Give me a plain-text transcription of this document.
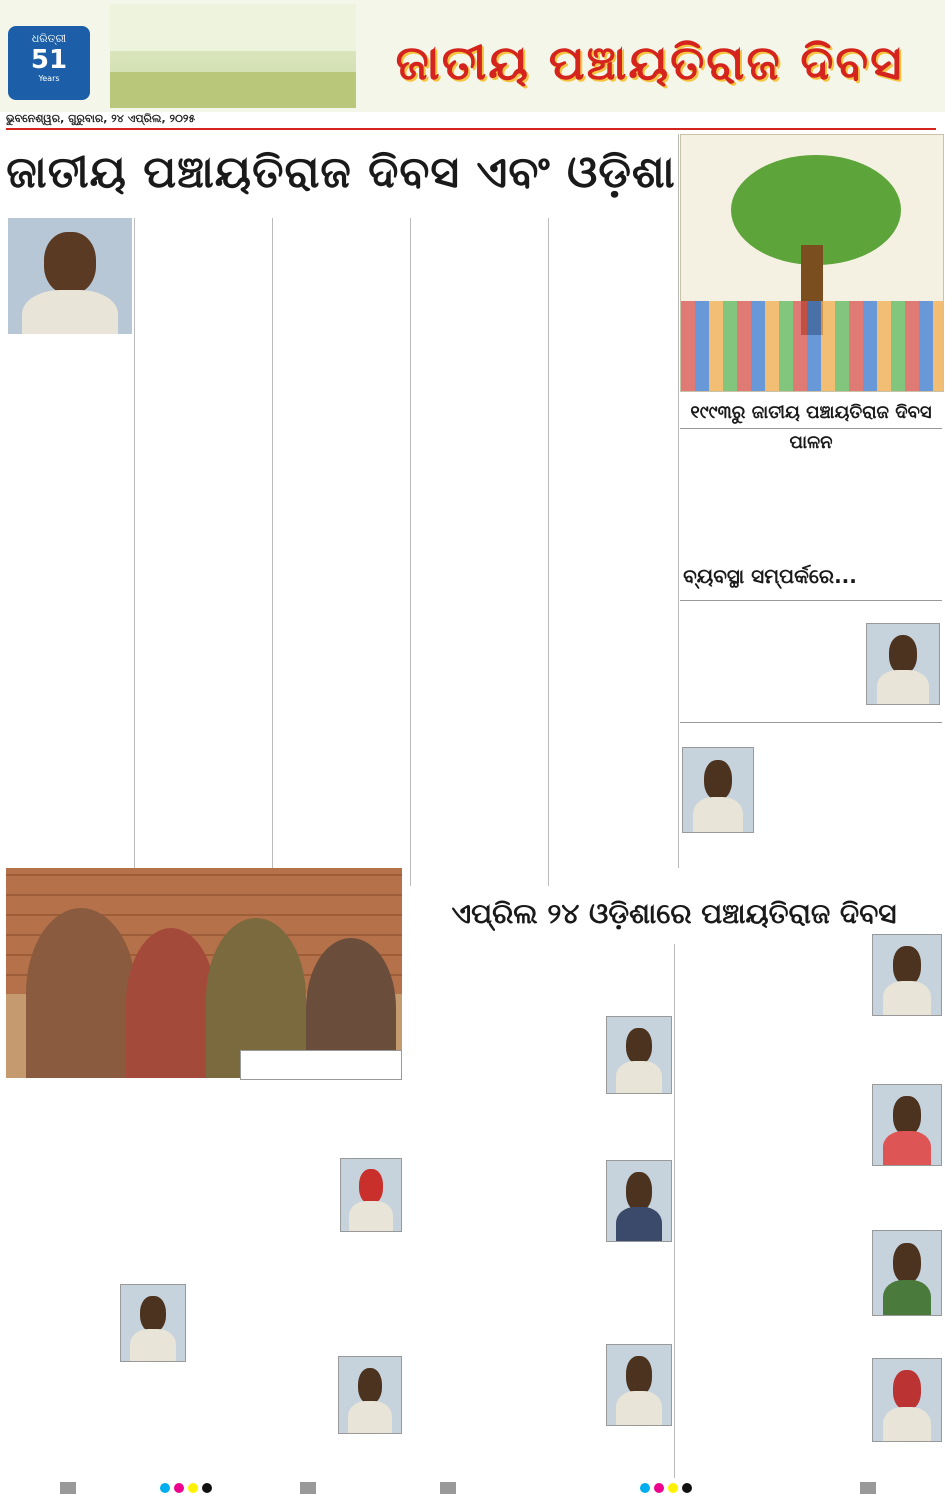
ଧରିତ୍ରୀ
51
Years	ଜାତୀୟ ପଞ୍ଚାୟତିରାଜ ଦିବସ
ଭୁବନେଶ୍ୱର, ଗୁରୁବାର, ୨୪ ଏପ୍ରିଲ, ୨୦୨୫
ଜାତୀୟ ପଞ୍ଚାୟତିରାଜ ଦିବସ ଏବଂ ଓଡ଼ିଶା
୧୯୯୩ରୁ ଜାତୀୟ ପଞ୍ଚାୟତିରାଜ ଦିବସ ପାଳନ
ବ୍ୟବସ୍ଥା ସମ୍ପର୍କରେ...
ଏପ୍ରିଲ ୨୪ ଓଡ଼ିଶାରେ ପଞ୍ଚାୟତିରାଜ ଦିବସ
